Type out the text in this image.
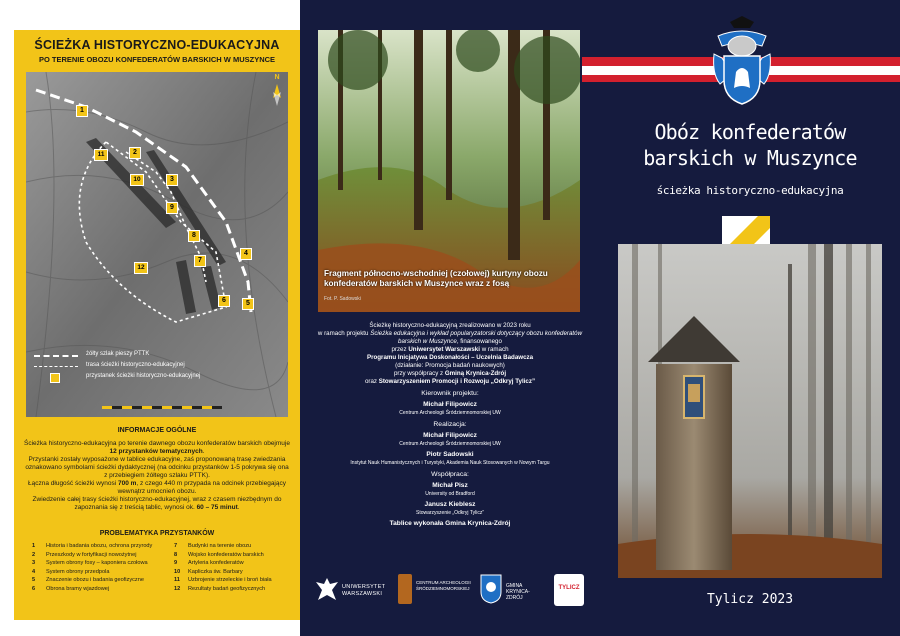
ŚCIEŻKA HISTORYCZNO-EDUKACYJNA
PO TERENIE OBOZU KONFEDERATÓW BARSKICH W MUSZYNCE
1
2
3
4
5
6
7
8
9
10
11
12
N
żółty szlak pieszy PTTK
trasa ścieżki historyczno-edukacyjnej
przystanek ścieżki historyczno-edukacyjnej
INFORMACJE OGÓLNE
Ścieżka historyczno-edukacyjna po terenie dawnego obozu konfederatów barskich obejmuje 12 przystanków tematycznych.
Przystanki zostały wyposażone w tablice edukacyjne, zaś proponowaną trasę zwiedzania oznakowano symbolami ścieżki dydaktycznej (na odcinku przystanków 1-5 pokrywa się ona z przebiegiem żółtego szlaku PTTK).
Łączna długość ścieżki wynosi 700 m, z czego 440 m przypada na odcinek przebiegający wewnątrz umocnień obozu.
Zwiedzenie całej trasy ścieżki historyczno-edukacyjnej, wraz z czasem niezbędnym do zapoznania się z treścią tablic, wynosi ok. 60 – 75 minut.
PROBLEMATYKA PRZYSTANKÓW
1 Historia i badania obozu, ochrona przyrody
2 Przeszkody w fortyfikacji nowożytnej
3 System obrony fosy – kaponiera czołowa
4 System obrony przedpola
5 Znaczenie obozu i badania geofizyczne
6 Obrona bramy wjazdowej
7 Budynki na terenie obozu
8 Wojsko konfederatów barskich
9 Artyleria konfederatów
10 Kapliczka św. Barbary
11 Uzbrojenie strzeleckie i broń biała
12 Rezultaty badań geofizycznych
Fragment północno-wschodniej (czołowej) kurtyny obozu konfederatów barskich w Muszynce wraz z fosą
Fot. P. Sadowski

Ścieżkę historyczno-edukacyjną zrealizowano w 2023 roku

w ramach projektu Ścieżka edukacyjna i wykład popularyzatorski dotyczący obozu konfederatów barskich w Muszynce, finansowanego

przez Uniwersytet Warszawski w ramach

Programu Inicjatywa Doskonałości – Uczelnia Badawcza

(działanie: Promocja badań naukowych)

przy współpracy z Gminą Krynica-Zdrój

oraz Stowarzyszeniem Promocji i Rozwoju „Odkryj Tylicz”

Kierownik projektu:

Michał Filipowicz

Centrum Archeologii Śródziemnomorskiej UW

Realizacja:

Michał Filipowicz

Centrum Archeologii Śródziemnomorskiej UW

Piotr Sadowski

Instytut Nauk Humanistycznych i Turystyki, Akademia Nauk Stosowanych w Nowym Targu

Współpraca:

Michał Pisz

University od Bradford

Janusz Kieblesz

Stowarzyszenie „Odkryj Tylicz”

Tablice wykonała Gmina Krynica-Zdrój

UNIWERSYTET WARSZAWSKI
CENTRUM ARCHEOLOGII ŚRÓDZIEMNOMORSKIEJ	GMINA KRYNICA-ZDRÓJ
TYLICZ
Obóz konfederatów
barskich w Muszynce
ścieżka historyczno-edukacyjna
Tylicz 2023
